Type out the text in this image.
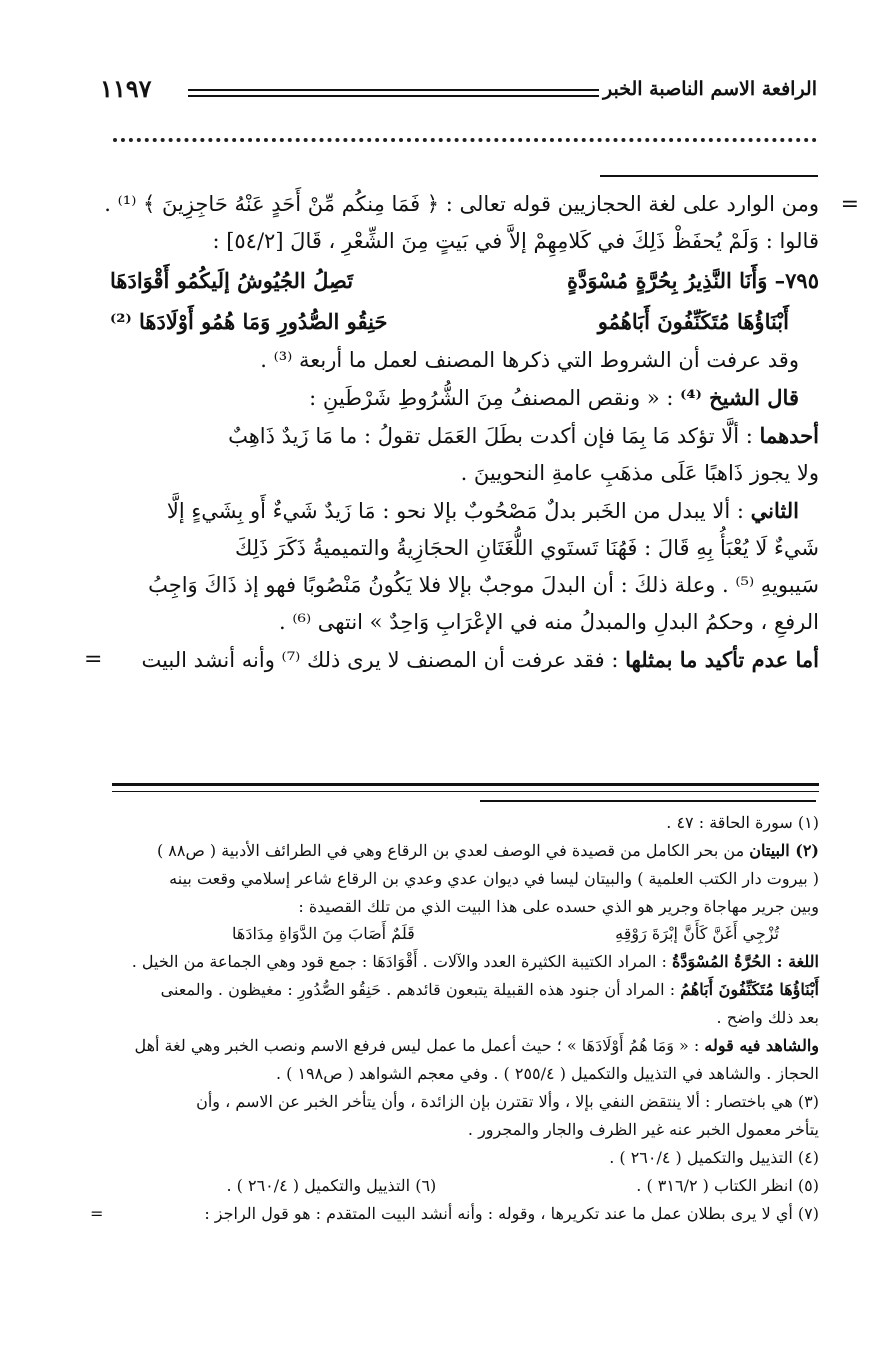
الرافعة الاسم الناصبة الخبر
١١٩٧
=
ومن الوارد على لغة الحجازيين قوله تعالى : ﴿ فَمَا مِنكُم مِّنْ أَحَدٍ عَنْهُ حَاجِزِينَ ﴾ ⁽¹⁾ .
قالوا : وَلَمْ يُحفَظْ ذَلِكَ في كَلامِهِمْ إلاَّ في بَيتٍ مِنَ الشِّعْرِ ، قَالَ [٥٤/٢] :
٧٩٥– وَأَنَا النَّذِيرُ بِحُرَّةٍ مُسْوَدَّةٍ
تَصِلُ الجُيُوشُ إلَيكُمُو أَقْوَادَهَا
أَبْنَاؤُهَا مُتَكَنِّفُونَ أَبَاهُمُو
حَنِقُو الصُّدُورِ وَمَا هُمُو أَوْلَادَهَا ⁽²⁾
وقد عرفت أن الشروط التي ذكرها المصنف لعمل ما أربعة ⁽³⁾ .
قال الشيخ ⁽⁴⁾ : « ونقص المصنفُ مِنَ الشُّرُوطِ شَرْطَينِ :
أحدهما : ألَّا تؤكد مَا بِمَا فإن أكدت بطَلَ العَمَل تقولُ : ما مَا زَيدٌ ذَاهِبٌ
ولا يجوز ذَاهبًا عَلَى مذهَبِ عامةِ النحويينَ .
الثاني : ألا يبدل من الخَبر بدلٌ مَصْحُوبٌ بإلا نحو : مَا زَيدٌ شَيءٌ أَو بِشَيءٍ إلَّا
شَيءٌ لَا يُعْبَأُ بِهِ قَالَ : فَهُنَا تَستَوي اللُّغَتَانِ الحجَازِيةُ والتميميةُ ذَكَرَ ذَلِكَ
سَيبويهِ ⁽⁵⁾ . وعلة ذلكَ : أن البدلَ موجبٌ بإلا فلا يَكُونُ مَنْصُوبًا فهو إذ ذَاكَ وَاجِبُ
الرفعِ ، وحكمُ البدلِ والمبدلُ منه في الإعْرَابِ وَاحِدٌ » انتهى ⁽⁶⁾ .
أما عدم تأكيد ما بمثلها : فقد عرفت أن المصنف لا يرى ذلك ⁽⁷⁾ وأنه أنشد البيت
=
(١) سورة الحاقة : ٤٧ .
(٢) البيتان من بحر الكامل من قصيدة في الوصف لعدي بن الرقاع وهي في الطرائف الأدبية ( ص٨٨ )
( بيروت دار الكتب العلمية ) والبيتان ليسا في ديوان عدي وعدي بن الرقاع شاعر إسلامي وقعت بينه
وبين جرير مهاجاة وجرير هو الذي حسده على هذا البيت الذي من تلك القصيدة :
تُزْجِي أَغَنَّ كَأَنَّ إبْرَةَ رَوْقِهِ
قَلَمٌ أَصَابَ مِنَ الدَّوَاةِ مِدَادَهَا
اللغة : الحُرَّةُ المُسْوَدَّةُ : المراد الكتيبة الكثيرة العدد والآلات . أَقْوَادَهَا : جمع قود وهي الجماعة من الخيل .
أَبْنَاؤُهَا مُتَكَنِّفُونَ أَبَاهُمُ : المراد أن جنود هذه القبيلة يتبعون قائدهم . حَنِقُو الصُّدُورِ : مغيظون . والمعنى
بعد ذلك واضح .
والشاهد فيه قوله : « وَمَا هُمُ أَوْلَادَهَا » ؛ حيث أعمل ما عمل ليس فرفع الاسم ونصب الخبر وهي لغة أهل
الحجاز . والشاهد في التذييل والتكميل ( ٢٥٥/٤ ) . وفي معجم الشواهد ( ص١٩٨ ) .
(٣) هي باختصار : ألا ينتقض النفي بإلا ، وألا تقترن بإن الزائدة ، وأن يتأخر الخبر عن الاسم ، وأن
يتأخر معمول الخبر عنه غير الظرف والجار والمجرور .
(٤) التذييل والتكميل ( ٢٦٠/٤ ) .
(٥) انظر الكتاب ( ٣١٦/٢ ) .
(٦) التذييل والتكميل ( ٢٦٠/٤ ) .
(٧) أي لا يرى بطلان عمل ما عند تكريرها ، وقوله : وأنه أنشد البيت المتقدم : هو قول الراجز :
=
